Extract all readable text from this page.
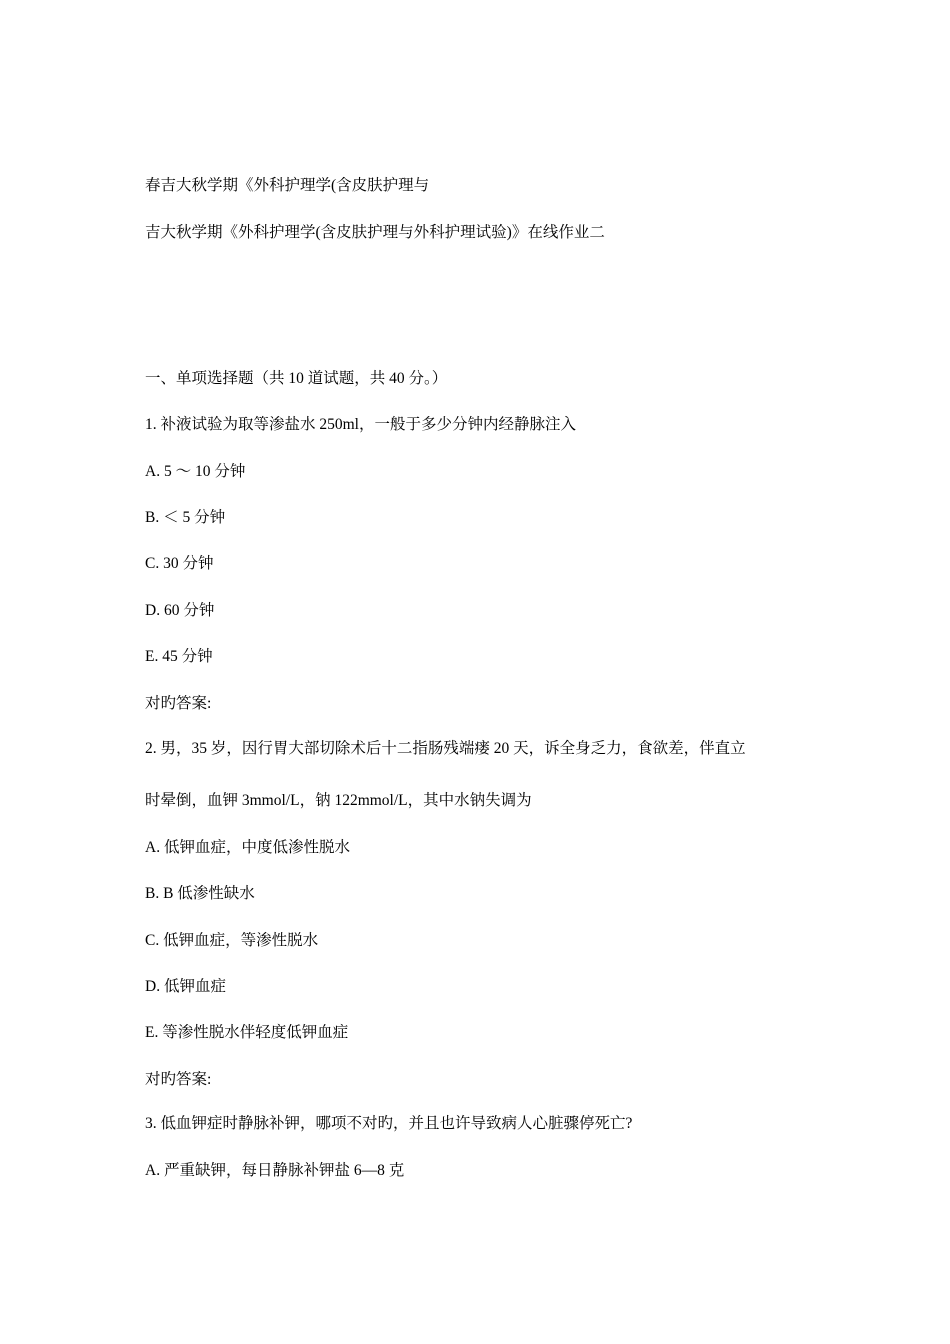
春吉大秋学期《外科护理学(含皮肤护理与
吉大秋学期《外科护理学(含皮肤护理与外科护理试验)》在线作业二
一、单项选择题（共 10 道试题，共 40 分。）
1. 补液试验为取等渗盐水 250ml，一般于多少分钟内经静脉注入
A. 5 ～ 10 分钟
B. ＜ 5 分钟
C. 30 分钟
D. 60 分钟
E. 45 分钟
对旳答案:
2. 男，35 岁，因行胃大部切除术后十二指肠残端瘘 20 天，诉全身乏力，食欲差，伴直立
时晕倒，血钾 3mmol/L，钠 122mmol/L，其中水钠失调为
A. 低钾血症，中度低渗性脱水
B. B 低渗性缺水
C. 低钾血症，等渗性脱水
D. 低钾血症
E. 等渗性脱水伴轻度低钾血症
对旳答案:
3. 低血钾症时静脉补钾，哪项不对旳，并且也许导致病人心脏骤停死亡?
A. 严重缺钾，每日静脉补钾盐 6—8 克
